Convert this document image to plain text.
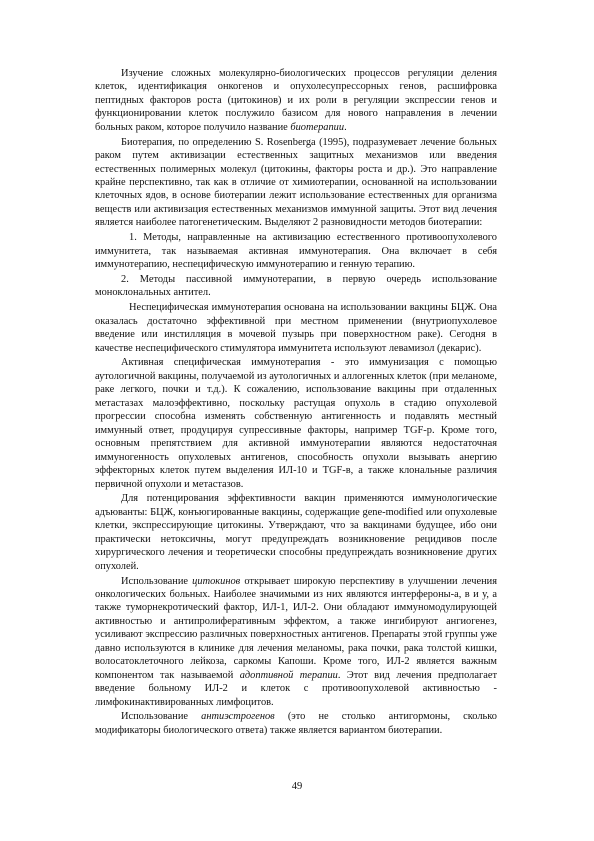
Изучение сложных молекулярно-биологических процессов регуляции деления клеток, идентификация онкогенов и опухолесупрессорных генов, расшифровка пептидных факторов роста (цитокинов) и их роли в регуляции экспрессии генов и функционировании клеток послужило базисом для нового направления в лечении больных раком, которое получило название биотерапии.

Биотерапия, по определению S. Rosenberga (1995), подразумевает лечение больных раком путем активизации естественных защитных механизмов или введения естественных полимерных молекул (цитокины, факторы роста и др.). Это направление крайне перспективно, так как в отличие от химиотерапии, основанной на использовании клеточных ядов, в основе биотерапии лежит использование естественных для организма веществ или активизация естественных механизмов иммунной защиты. Этот вид лечения является наиболее патогенетическим. Выделяют 2 разновидности методов биотерапии:

1. Методы, направленные на активизацию естественного противоопухолевого иммунитета, так называемая активная иммунотерапия. Она включает в себя иммунотерапию, неспецифическую иммунотерапию и генную терапию.

2. Методы пассивной иммунотерапии, в первую очередь использование моноклональных антител.

Неспецифическая иммунотерапия основана на использовании вакцины БЦЖ. Она оказалась достаточно эффективной при местном применении (внутриопухолевое введение или инстилляция в мочевой пузырь при поверхностном раке). Сегодня в качестве неспецифического стимулятора иммунитета используют левамизол (декарис).

Активная специфическая иммунотерапия - это иммунизация с помощью аутологичной вакцины, получаемой из аутологичных и аллогенных клеток (при меланоме, раке легкого, почки и т.д.). К сожалению, использование вакцины при отдаленных метастазах малоэффективно, поскольку растущая опухоль в стадию опухолевой прогрессии способна изменять собственную антигенность и подавлять местный иммунный ответ, продуцируя супрессивные факторы, например TGF-р. Кроме того, основным препятствием для активной иммунотерапии являются недостаточная иммуногенность опухолевых антигенов, способность опухоли вызывать анергию эффекторных клеток путем выделения ИЛ-10 и TGF-в, а также клональные различия первичной опухоли и метастазов.

Для потенцирования эффективности вакцин применяются иммунологические адъюванты: БЦЖ, конъюгированные вакцины, содержащие gene-modified или опухолевые клетки, экспрессирующие цитокины. Утверждают, что за вакцинами будущее, ибо они практически нетоксичны, могут предупреждать возникновение рецидивов после хирургического лечения и теоретически способны предупреждать возникновение других опухолей.

Использование цитокинов открывает широкую перспективу в улучшении лечения онкологических больных. Наиболее значимыми из них являются интерфероны-а, в и у, а также туморнекротический фактор, ИЛ-1, ИЛ-2. Они обладают иммуномодулирующей активностью и антипролиферативным эффектом, а также ингибируют ангиогенез, усиливают экспрессию различных поверхностных антигенов. Препараты этой группы уже давно используются в клинике для лечения меланомы, рака почки, рака толстой кишки, волосатоклеточного лейкоза, саркомы Капоши. Кроме того, ИЛ-2 является важным компонентом так называемой адоптивной терапии. Этот вид лечения предполагает введение больному ИЛ-2 и клеток с противоопухолевой активностью - лимфокинактивированных лимфоцитов.

Использование антиэстрогенов (это не столько антигормоны, сколько модификаторы биологического ответа) также является вариантом биотерапии.

49
